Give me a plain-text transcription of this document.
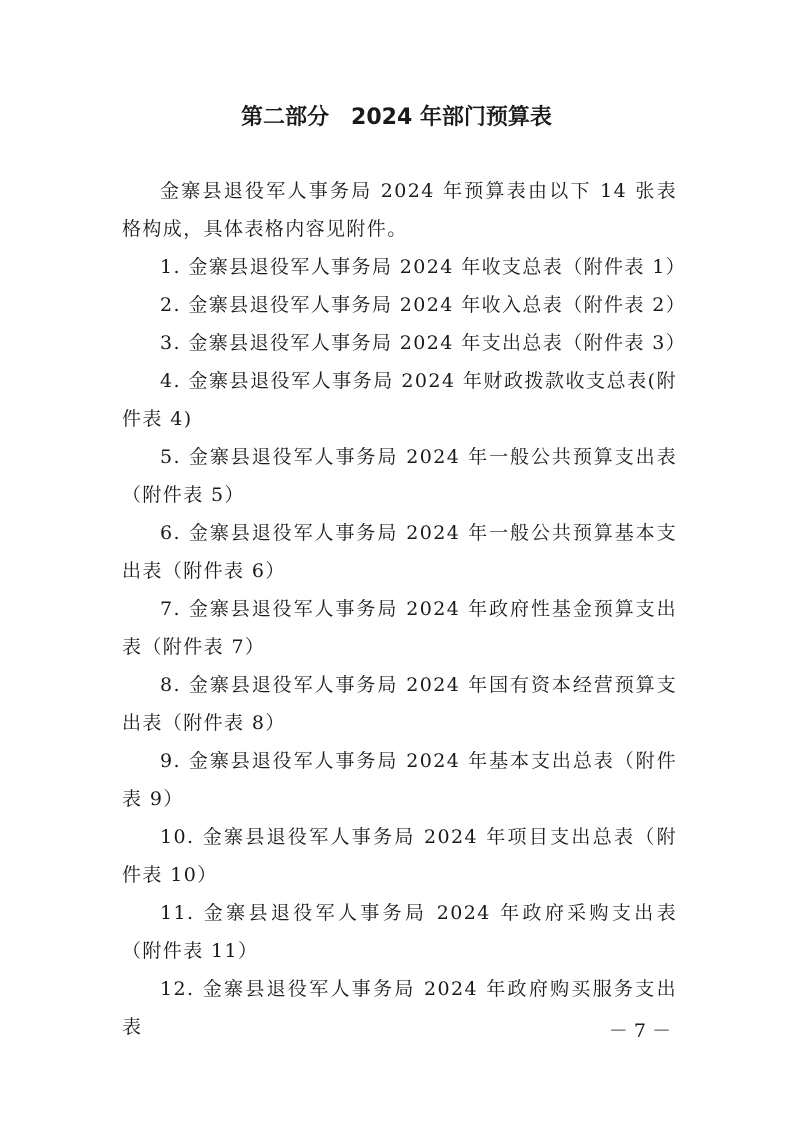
第二部分　2024 年部门预算表

金寨县退役军人事务局 2024 年预算表由以下 14 张表格构成，具体表格内容见附件。

1. 金寨县退役军人事务局 2024 年收支总表（附件表 1）

2. 金寨县退役军人事务局 2024 年收入总表（附件表 2）

3. 金寨县退役军人事务局 2024 年支出总表（附件表 3）

4. 金寨县退役军人事务局 2024 年财政拨款收支总表(附件表 4)

5. 金寨县退役军人事务局 2024 年一般公共预算支出表（附件表 5）

6. 金寨县退役军人事务局 2024 年一般公共预算基本支出表（附件表 6）

7. 金寨县退役军人事务局 2024 年政府性基金预算支出表（附件表 7）

8. 金寨县退役军人事务局 2024 年国有资本经营预算支出表（附件表 8）

9. 金寨县退役军人事务局 2024 年基本支出总表（附件表 9）

10. 金寨县退役军人事务局 2024 年项目支出总表（附件表 10）

11. 金寨县退役军人事务局 2024 年政府采购支出表（附件表 11）

12. 金寨县退役军人事务局 2024 年政府购买服务支出表	－ 7 －
